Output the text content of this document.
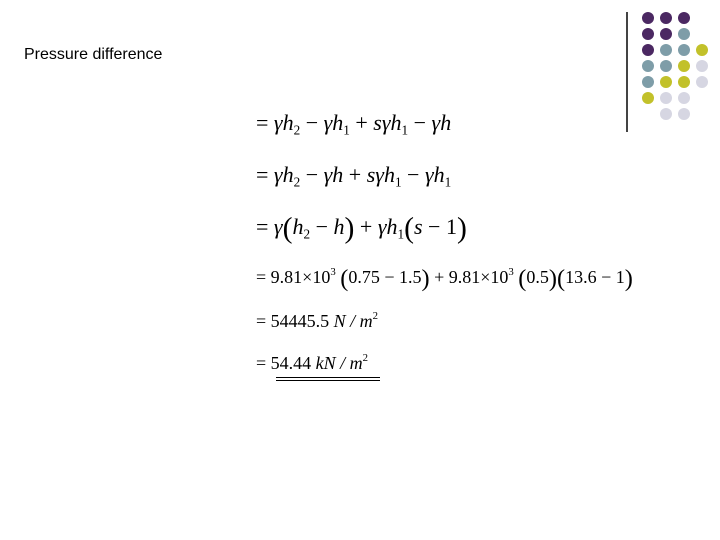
Pressure difference
= $\gamma h_2 - \gamma h_1 + s\gamma h_1 - \gamma h$
= $\gamma h_2 - \gamma h + s\gamma h_1 - \gamma h_1$
= $\gamma(h_2 - h) + \gamma h_1(s - 1)$
= $9.81\times 10^3$ $(0.75 - 1.5) + 9.81\times 10^3$ (0.5)(13.6 − 1)
= 54445.5 N / $m^2$
= 54.44 kN / $m^2$
